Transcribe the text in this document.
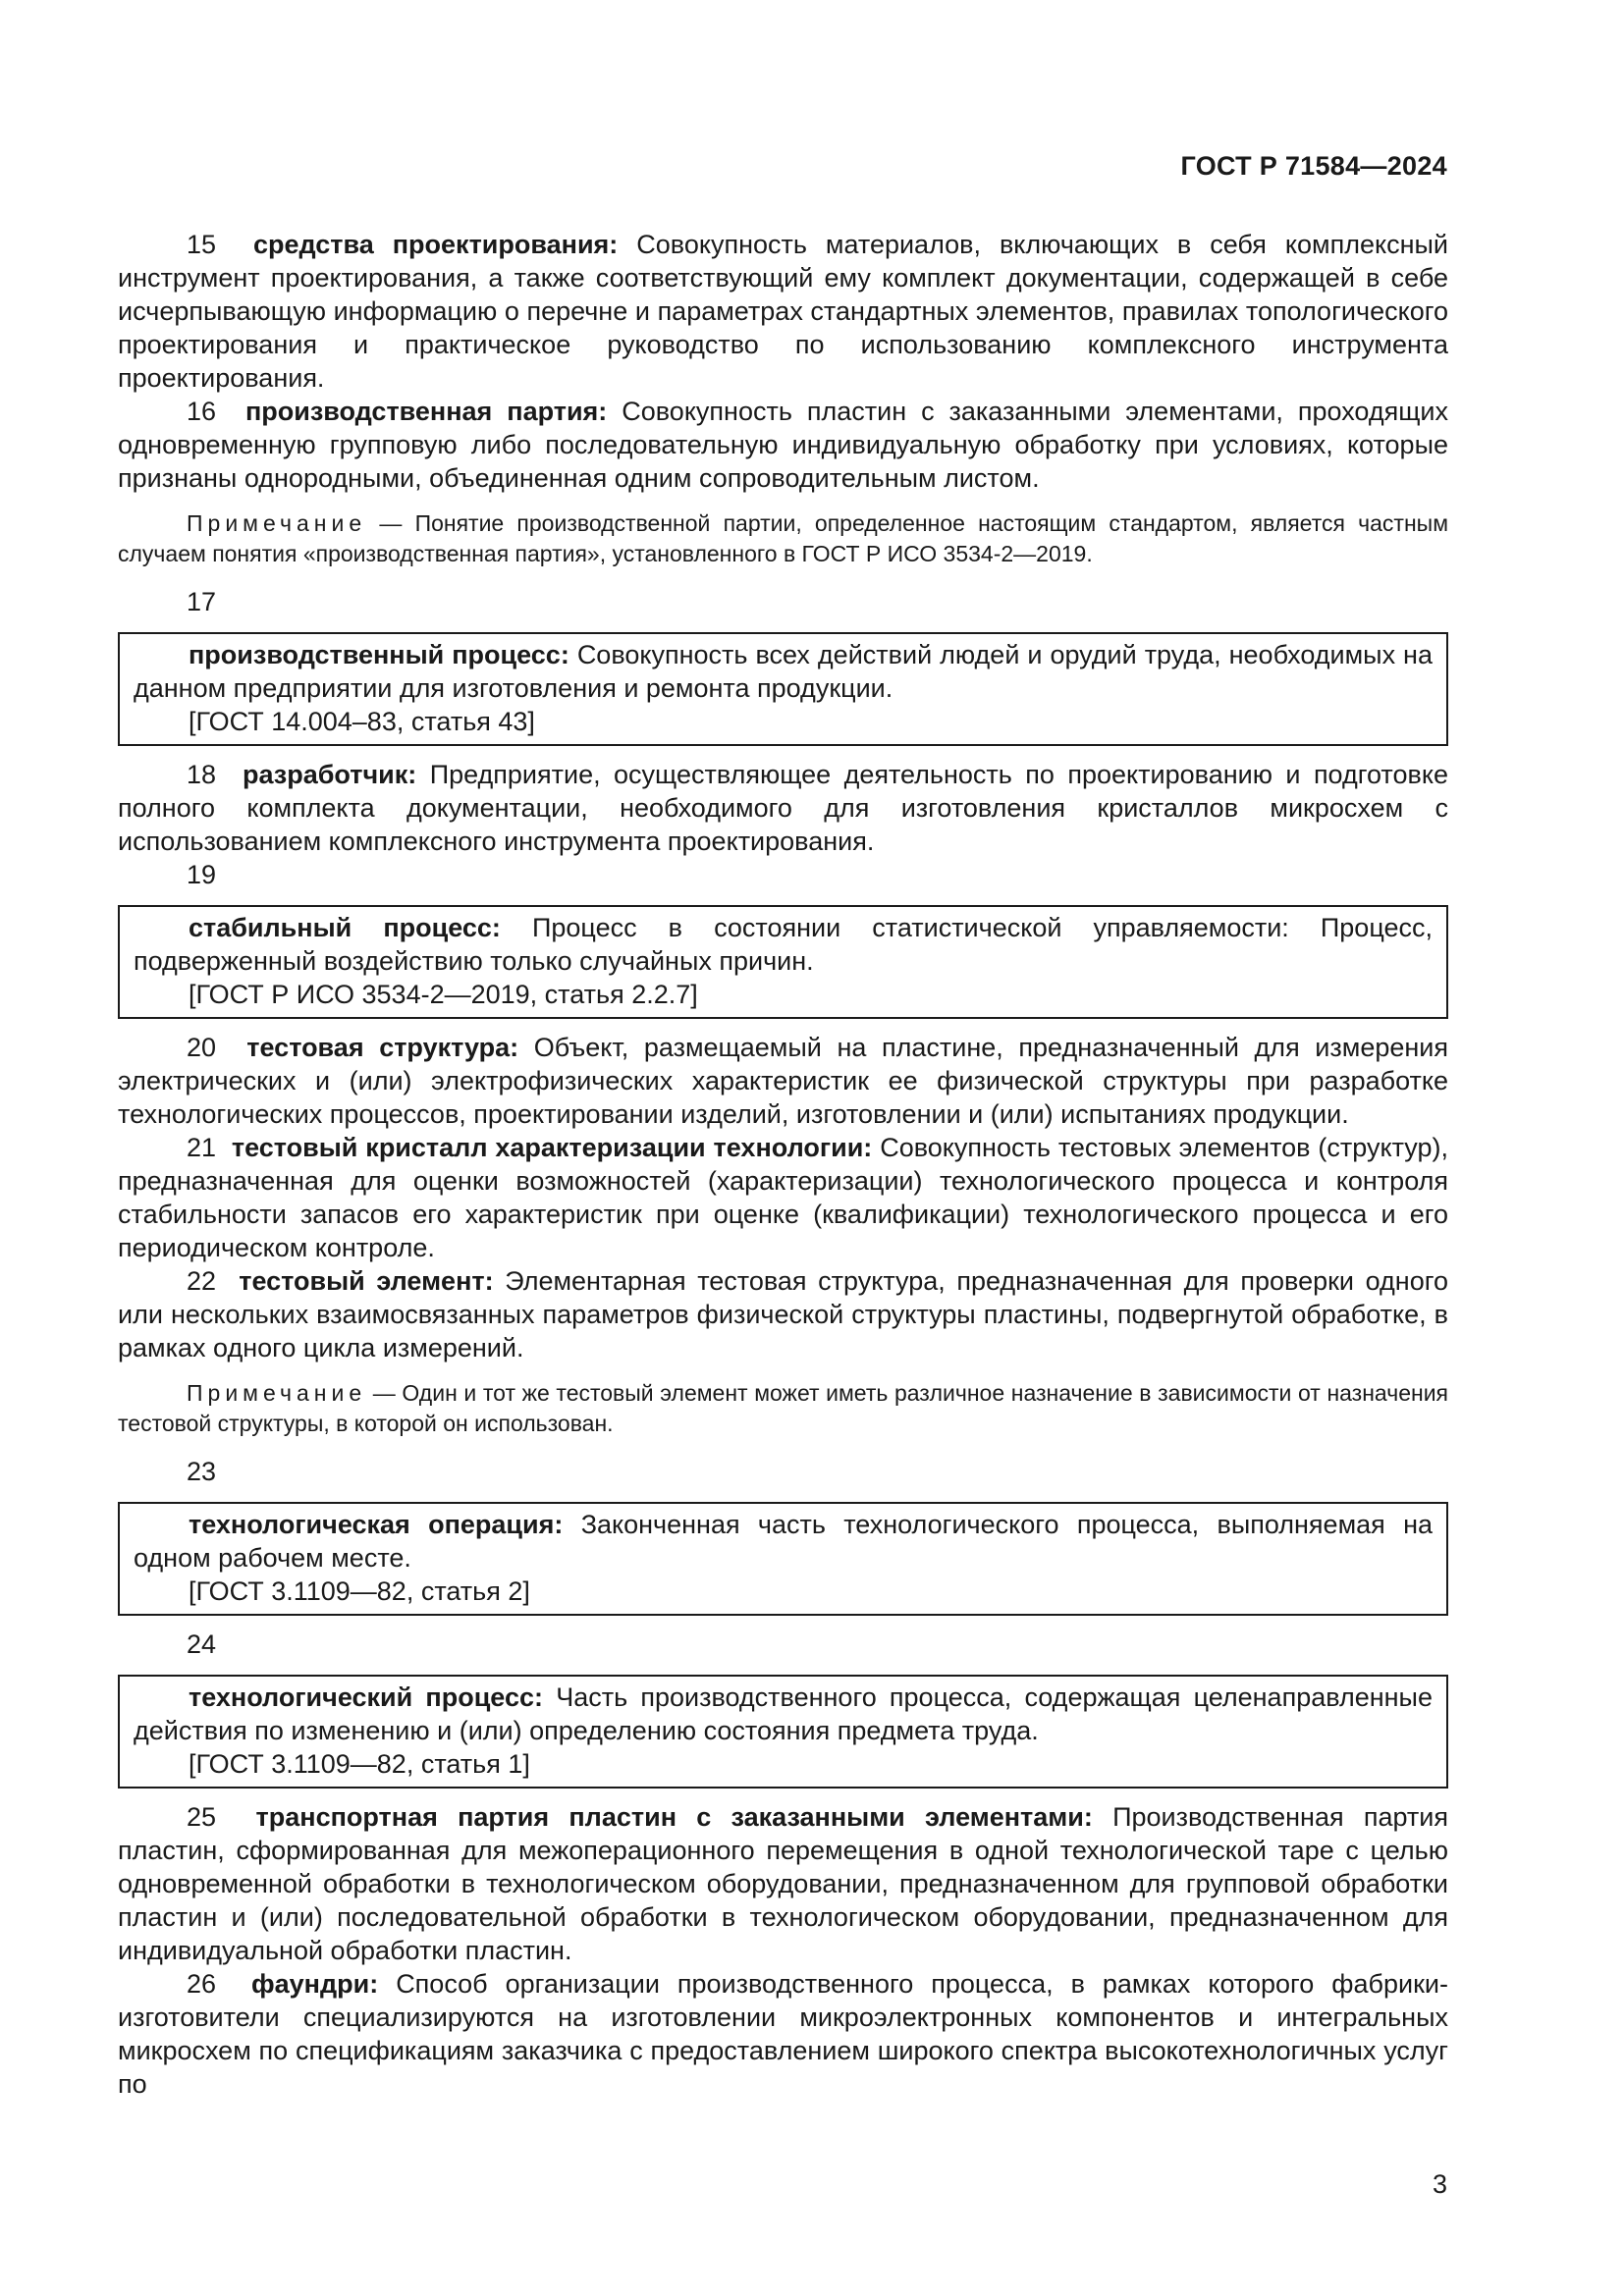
ГОСТ Р 71584—2024

15 средства проектирования: Совокупность материалов, включающих в себя комплексный инструмент проектирования, а также соответствующий ему комплект документации, содержащей в себе исчерпывающую информацию о перечне и параметрах стандартных элементов, правилах топологического проектирования и практическое руководство по использованию комплексного инструмента проектирования.

16 производственная партия: Совокупность пластин с заказанными элементами, проходящих одновременную групповую либо последовательную индивидуальную обработку при условиях, которые признаны однородными, объединенная одним сопроводительным листом.

Примечание — Понятие производственной партии, определенное настоящим стандартом, является частным случаем понятия «производственная партия», установленного в ГОСТ Р ИСО 3534-2—2019.

17

производственный процесс: Совокупность всех действий людей и орудий труда, необходимых на данном предприятии для изготовления и ремонта продукции.

[ГОСТ 14.004–83, статья 43]

18 разработчик: Предприятие, осуществляющее деятельность по проектированию и подготовке полного комплекта документации, необходимого для изготовления кристаллов микросхем с использованием комплексного инструмента проектирования.

19

стабильный процесс: Процесс в состоянии статистической управляемости: Процесс, подверженный воздействию только случайных причин.

[ГОСТ Р ИСО 3534-2—2019, статья 2.2.7]

20 тестовая структура: Объект, размещаемый на пластине, предназначенный для измерения электрических и (или) электрофизических характеристик ее физической структуры при разработке технологических процессов, проектировании изделий, изготовлении и (или) испытаниях продукции.

21 тестовый кристалл характеризации технологии: Совокупность тестовых элементов (структур), предназначенная для оценки возможностей (характеризации) технологического процесса и контроля стабильности запасов его характеристик при оценке (квалификации) технологического процесса и его периодическом контроле.

22 тестовый элемент: Элементарная тестовая структура, предназначенная для проверки одного или нескольких взаимосвязанных параметров физической структуры пластины, подвергнутой обработке, в рамках одного цикла измерений.

Примечание — Один и тот же тестовый элемент может иметь различное назначение в зависимости от назначения тестовой структуры, в которой он использован.

23

технологическая операция: Законченная часть технологического процесса, выполняемая на одном рабочем месте.

[ГОСТ 3.1109—82, статья 2]

24

технологический процесс: Часть производственного процесса, содержащая целенаправленные действия по изменению и (или) определению состояния предмета труда.

[ГОСТ 3.1109—82, статья 1]

25 транспортная партия пластин с заказанными элементами: Производственная партия пластин, сформированная для межоперационного перемещения в одной технологической таре с целью одновременной обработки в технологическом оборудовании, предназначенном для групповой обработки пластин и (или) последовательной обработки в технологическом оборудовании, предназначенном для индивидуальной обработки пластин.

26 фаундри: Способ организации производственного процесса, в рамках которого фабрики-изготовители специализируются на изготовлении микроэлектронных компонентов и интегральных микросхем по спецификациям заказчика с предоставлением широкого спектра высокотехнологичных услуг по

3
